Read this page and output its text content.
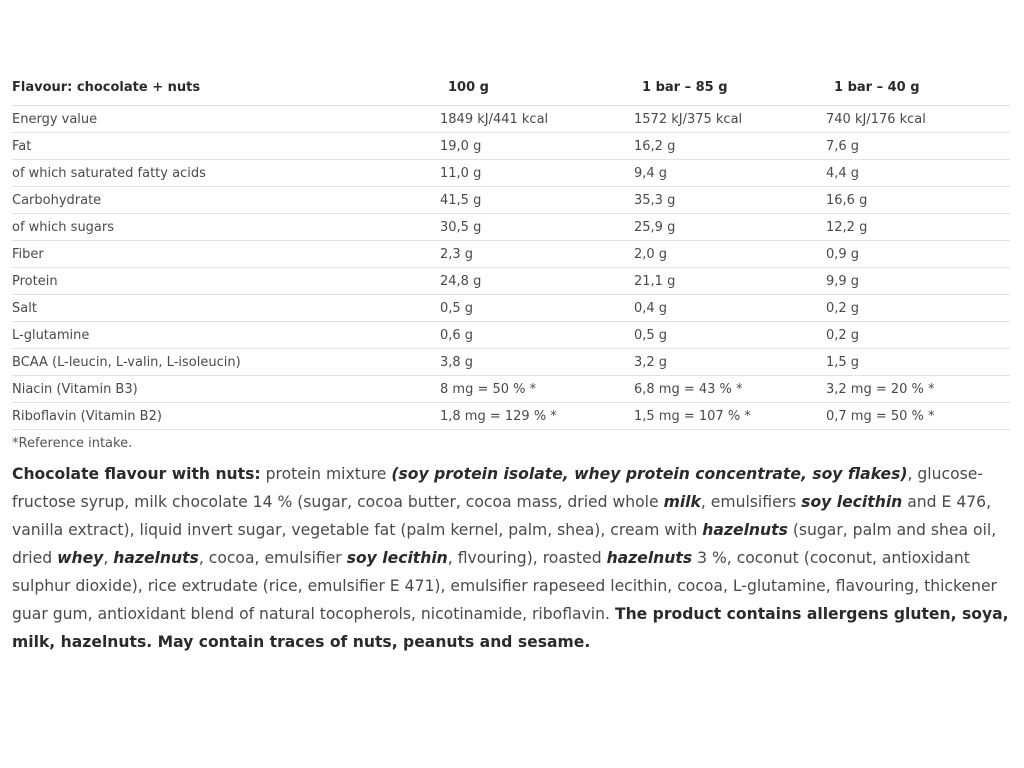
Flavour: chocolate + nuts	100 g	1 bar – 85 g	1 bar – 40 g
Energy value	1849 kJ/441 kcal	1572 kJ/375 kcal	740 kJ/176 kcal
Fat	19,0 g	16,2 g	7,6 g
of which saturated fatty acids	11,0 g	9,4 g	4,4 g
Carbohydrate	41,5 g	35,3 g	16,6 g
of which sugars	30,5 g	25,9 g	12,2 g
Fiber	2,3 g	2,0 g	0,9 g
Protein	24,8 g	21,1 g	9,9 g
Salt	0,5 g	0,4 g	0,2 g
L-glutamine	0,6 g	0,5 g	0,2 g
BCAA (L-leucin, L-valin, L-isoleucin)	3,8 g	3,2 g	1,5 g
Niacin (Vitamin B3)	8 mg = 50 % *	6,8 mg = 43 % *	3,2 mg = 20 % *
Riboflavin (Vitamin B2)	1,8 mg = 129 % *	1,5 mg = 107 % *	0,7 mg = 50 % *
*Reference intake.

Chocolate flavour with nuts: protein mixture (soy protein isolate, whey protein concentrate, soy flakes), glucose-fructose syrup, milk chocolate 14 % (sugar, cocoa butter, cocoa mass, dried whole milk, emulsifiers soy lecithin and E 476, vanilla extract), liquid invert sugar, vegetable fat (palm kernel, palm, shea), cream with hazelnuts (sugar, palm and shea oil, dried whey, hazelnuts, cocoa, emulsifier soy lecithin, flvouring), roasted hazelnuts 3 %, coconut (coconut, antioxidant sulphur dioxide), rice extrudate (rice, emulsifier E 471), emulsifier rapeseed lecithin, cocoa, L-glutamine, flavouring, thickener guar gum, antioxidant blend of natural tocopherols, nicotinamide, riboflavin. The product contains allergens gluten, soya, milk, hazelnuts. May contain traces of nuts, peanuts and sesame.
